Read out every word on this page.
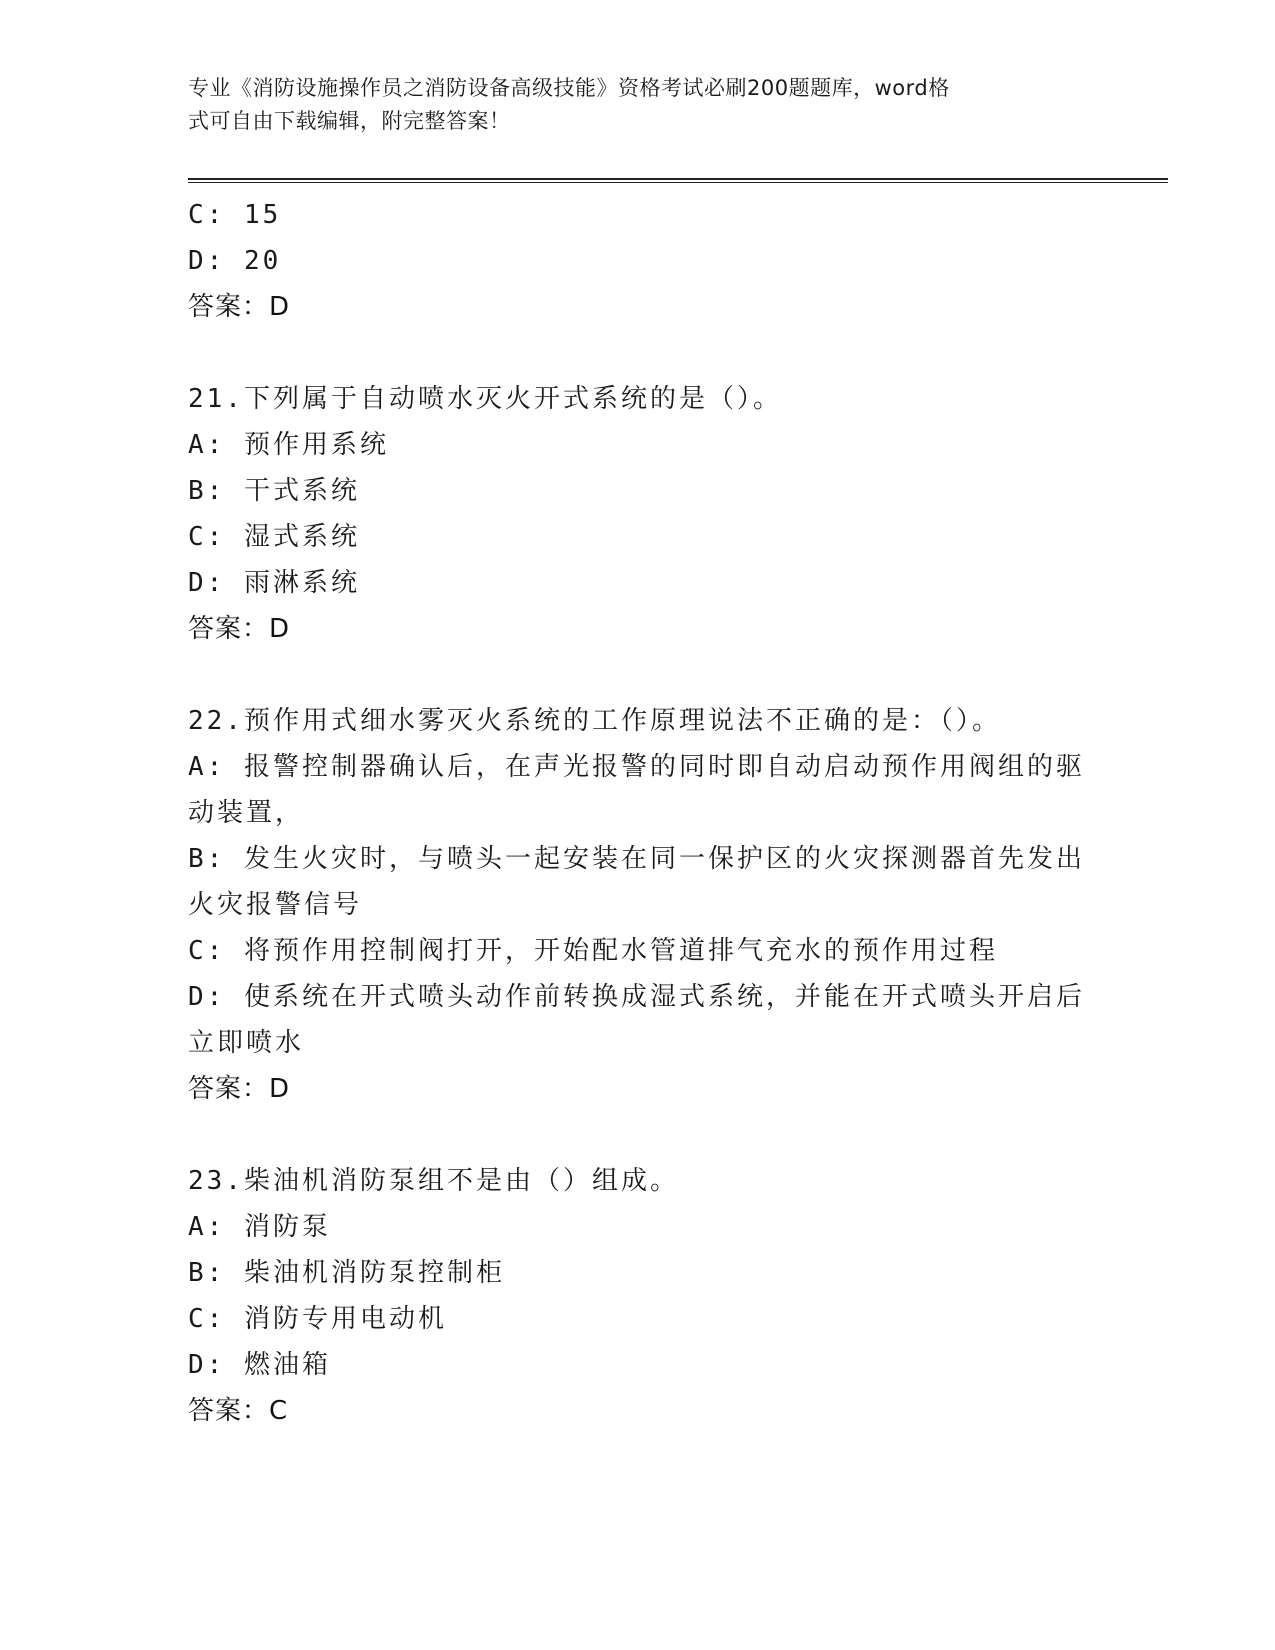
专业《消防设施操作员之消防设备高级技能》资格考试必刷200题题库，word格
式可自由下载编辑，附完整答案！
C: 15
D: 20
答案：D
21.下列属于自动喷水灭火开式系统的是（）。
A: 预作用系统
B: 干式系统
C: 湿式系统
D: 雨淋系统
答案：D
22.预作用式细水雾灭火系统的工作原理说法不正确的是：（）。
A: 报警控制器确认后，在声光报警的同时即自动启动预作用阀组的驱动装置，
B: 发生火灾时，与喷头一起安装在同一保护区的火灾探测器首先发出火灾报警信号
C: 将预作用控制阀打开，开始配水管道排气充水的预作用过程
D: 使系统在开式喷头动作前转换成湿式系统，并能在开式喷头开启后立即喷水
答案：D
23.柴油机消防泵组不是由（）组成。
A: 消防泵
B: 柴油机消防泵控制柜
C: 消防专用电动机
D: 燃油箱
答案：C
